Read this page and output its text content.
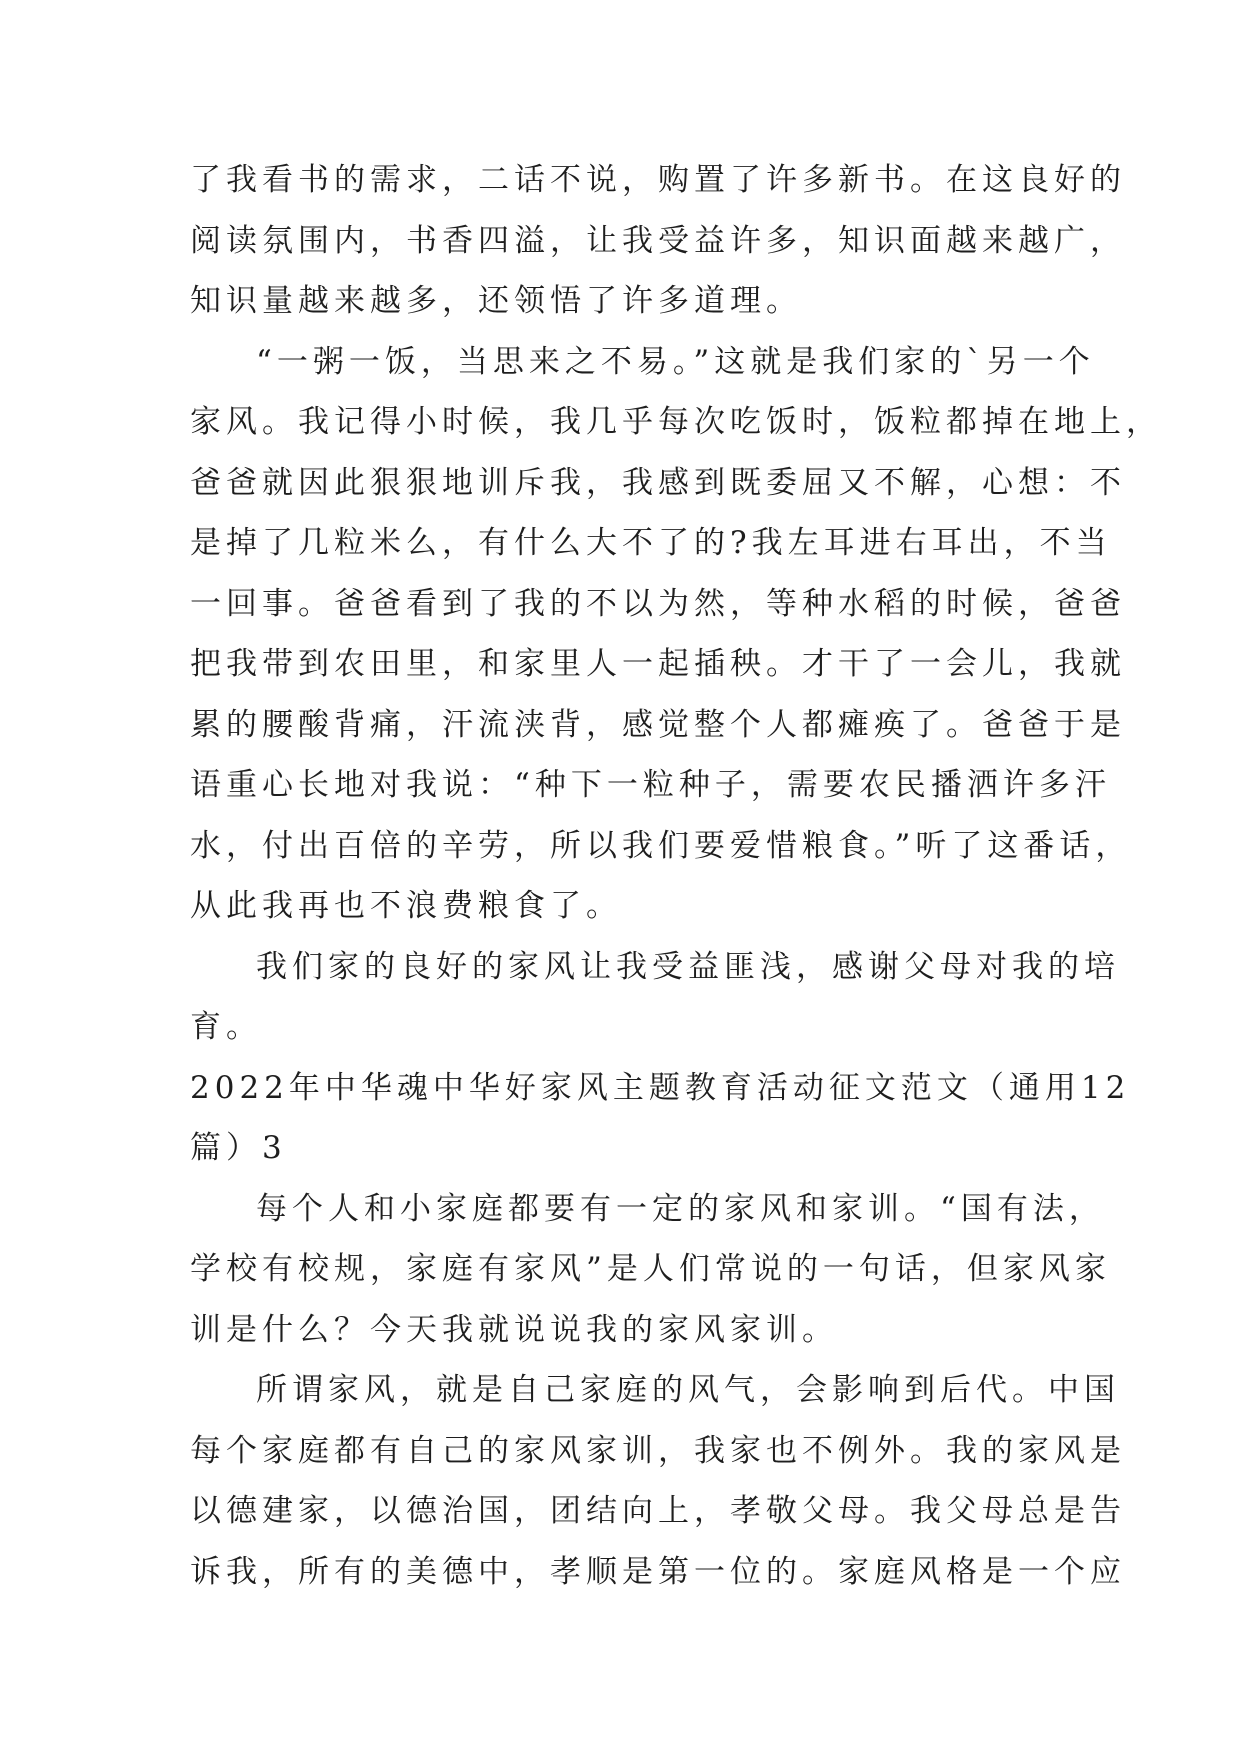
了我看书的需求，二话不说，购置了许多新书。在这良好的
阅读氛围内，书香四溢，让我受益许多，知识面越来越广，
知识量越来越多，还领悟了许多道理。
“一粥一饭，当思来之不易。”这就是我们家的`另一个
家风。我记得小时候，我几乎每次吃饭时，饭粒都掉在地上，
爸爸就因此狠狠地训斥我，我感到既委屈又不解，心想：不
是掉了几粒米么，有什么大不了的?我左耳进右耳出，不当
一回事。爸爸看到了我的不以为然，等种水稻的时候，爸爸
把我带到农田里，和家里人一起插秧。才干了一会儿，我就
累的腰酸背痛，汗流浃背，感觉整个人都瘫痪了。爸爸于是
语重心长地对我说：“种下一粒种子，需要农民播洒许多汗
水，付出百倍的辛劳，所以我们要爱惜粮食。”听了这番话，
从此我再也不浪费粮食了。
我们家的良好的家风让我受益匪浅，感谢父母对我的培
育。
2022年中华魂中华好家风主题教育活动征文范文（通用12
篇）3
每个人和小家庭都要有一定的家风和家训。“国有法，
学校有校规，家庭有家风”是人们常说的一句话，但家风家
训是什么？今天我就说说我的家风家训。
所谓家风，就是自己家庭的风气，会影响到后代。中国
每个家庭都有自己的家风家训，我家也不例外。我的家风是
以德建家，以德治国，团结向上，孝敬父母。我父母总是告
诉我，所有的美德中，孝顺是第一位的。家庭风格是一个应
